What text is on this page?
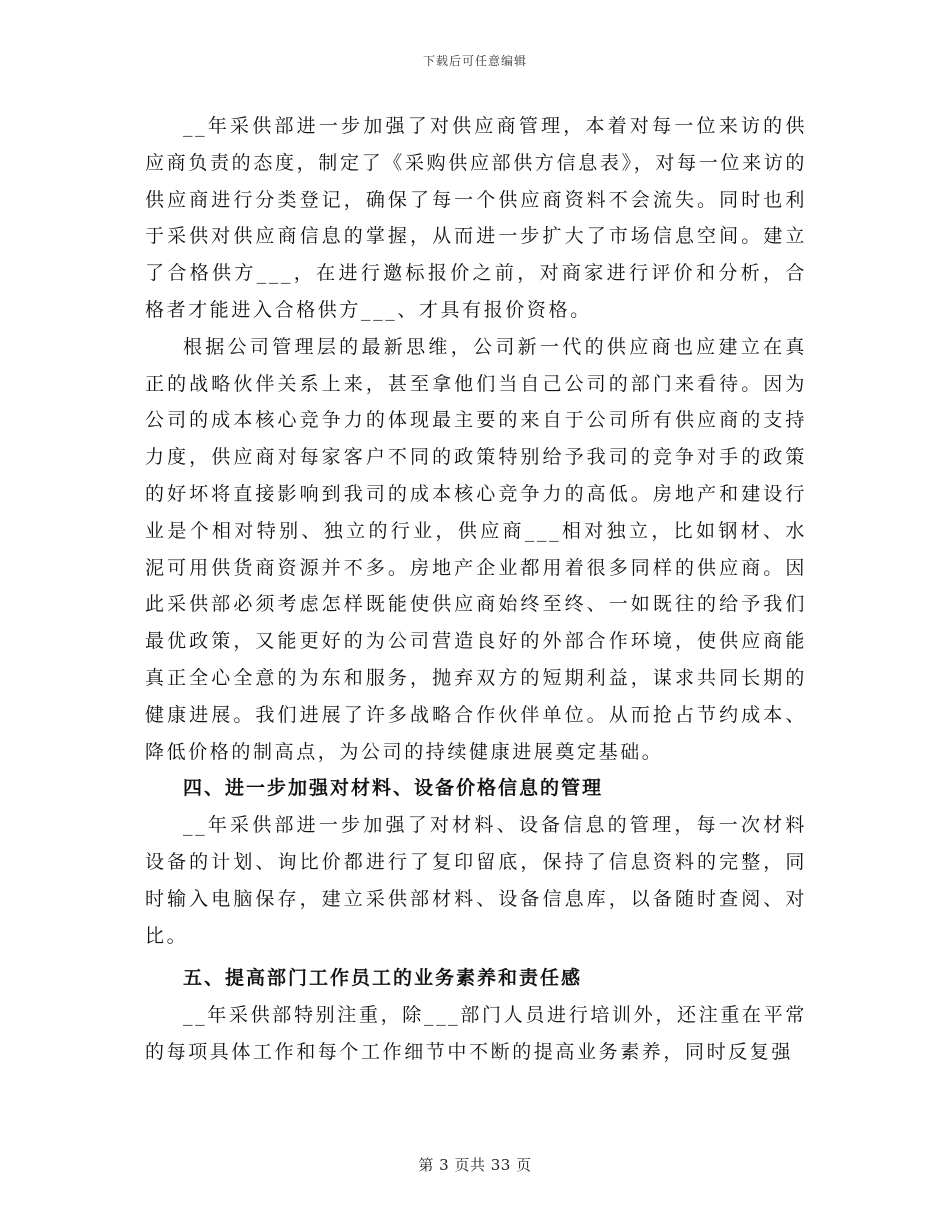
下载后可任意编辑

__年采供部进一步加强了对供应商管理，本着对每一位来访的供应商负责的态度，制定了《采购供应部供方信息表》，对每一位来访的供应商进行分类登记，确保了每一个供应商资料不会流失。同时也利于采供对供应商信息的掌握，从而进一步扩大了市场信息空间。建立了合格供方___，在进行邀标报价之前，对商家进行评价和分析，合格者才能进入合格供方___、才具有报价资格。

根据公司管理层的最新思维，公司新一代的供应商也应建立在真正的战略伙伴关系上来，甚至拿他们当自己公司的部门来看待。因为公司的成本核心竞争力的体现最主要的来自于公司所有供应商的支持力度，供应商对每家客户不同的政策特别给予我司的竞争对手的政策的好坏将直接影响到我司的成本核心竞争力的高低。房地产和建设行业是个相对特别、独立的行业，供应商___相对独立，比如钢材、水泥可用供货商资源并不多。房地产企业都用着很多同样的供应商。因此采供部必须考虑怎样既能使供应商始终至终、一如既往的给予我们最优政策，又能更好的为公司营造良好的外部合作环境，使供应商能真正全心全意的为东和服务，抛弃双方的短期利益，谋求共同长期的健康进展。我们进展了许多战略合作伙伴单位。从而抢占节约成本、降低价格的制高点，为公司的持续健康进展奠定基础。

四、进一步加强对材料、设备价格信息的管理

__年采供部进一步加强了对材料、设备信息的管理，每一次材料设备的计划、询比价都进行了复印留底，保持了信息资料的完整，同时输入电脑保存，建立采供部材料、设备信息库，以备随时查阅、对比。

五、提高部门工作员工的业务素养和责任感

__年采供部特别注重，除___部门人员进行培训外，还注重在平常的每项具体工作和每个工作细节中不断的提高业务素养，同时反复强

第 3 页共 33 页
